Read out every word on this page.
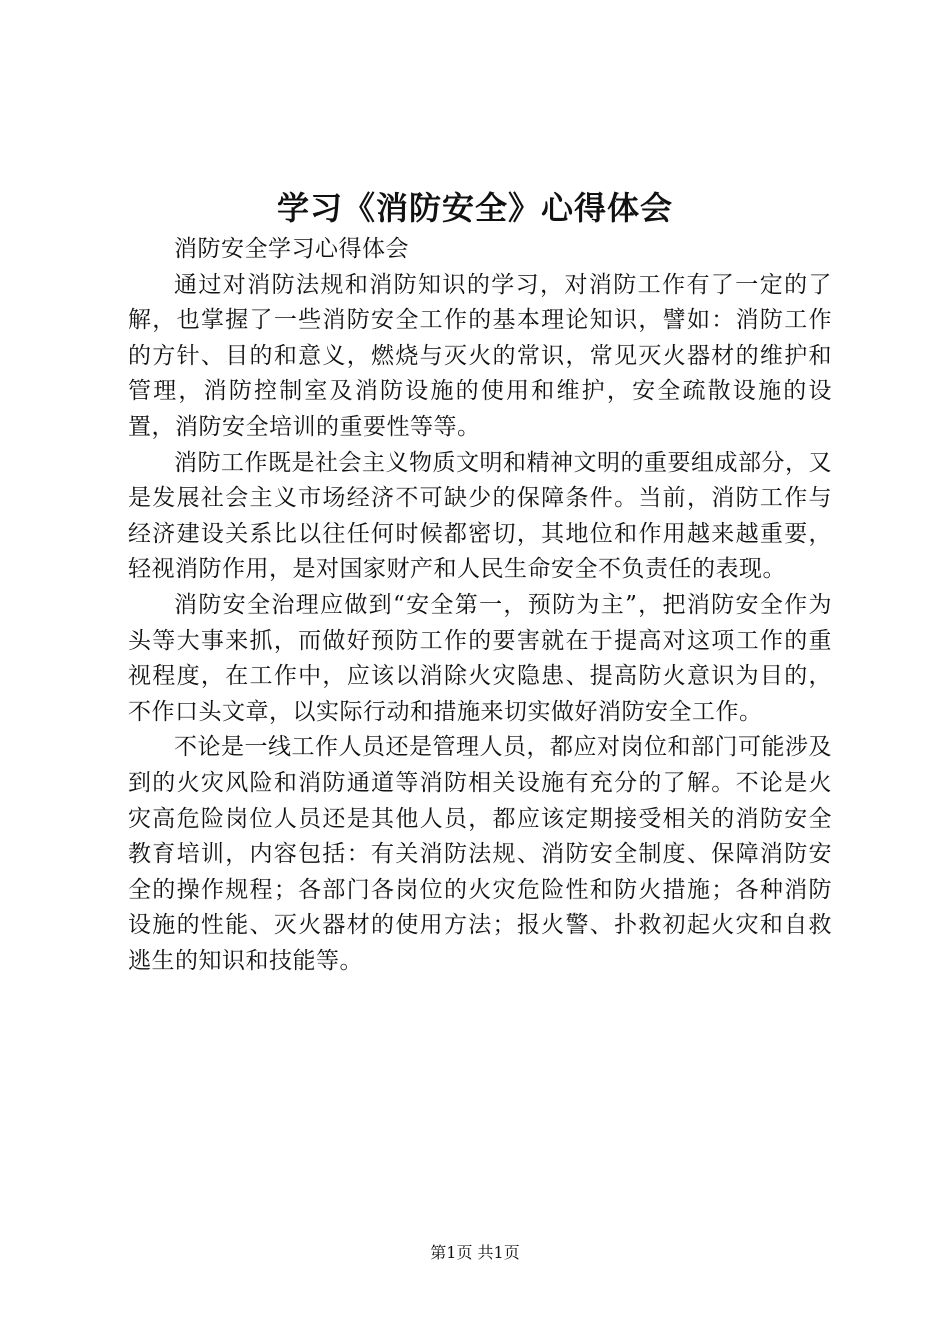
学习《消防安全》心得体会

消防安全学习心得体会

通过对消防法规和消防知识的学习，对消防工作有了一定的了解，也掌握了一些消防安全工作的基本理论知识，譬如：消防工作的方针、目的和意义，燃烧与灭火的常识，常见灭火器材的维护和管理，消防控制室及消防设施的使用和维护，安全疏散设施的设置，消防安全培训的重要性等等。

消防工作既是社会主义物质文明和精神文明的重要组成部分，又是发展社会主义市场经济不可缺少的保障条件。当前，消防工作与经济建设关系比以往任何时候都密切，其地位和作用越来越重要，轻视消防作用，是对国家财产和人民生命安全不负责任的表现。

消防安全治理应做到“安全第一，预防为主”，把消防安全作为头等大事来抓，而做好预防工作的要害就在于提高对这项工作的重视程度，在工作中，应该以消除火灾隐患、提高防火意识为目的，不作口头文章，以实际行动和措施来切实做好消防安全工作。

不论是一线工作人员还是管理人员，都应对岗位和部门可能涉及到的火灾风险和消防通道等消防相关设施有充分的了解。不论是火灾高危险岗位人员还是其他人员，都应该定期接受相关的消防安全教育培训，内容包括：有关消防法规、消防安全制度、保障消防安全的操作规程；各部门各岗位的火灾危险性和防火措施；各种消防设施的性能、灭火器材的使用方法；报火警、扑救初起火灾和自救逃生的知识和技能等。

第1页 共1页
